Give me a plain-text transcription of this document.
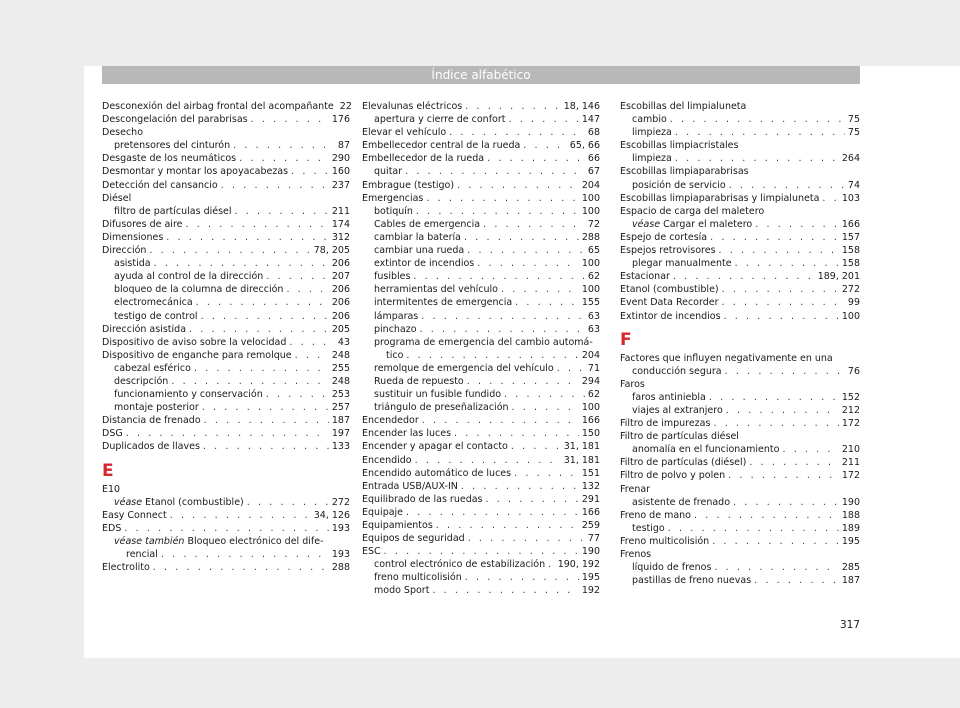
Índice alfabético
Desconexión del airbag frontal del acompañante 22
Descongelación del parabrisas . . .	176
Desecho
pretensores del cinturón . . .	87
Desgaste de los neumáticos . . .	290
Desmontar y montar los apoyacabezas . . .	160
Detección del cansancio . . .	237
Diésel
filtro de partículas diésel . . .	211
Difusores de aire . . .	174
Dimensiones . . .	312
Dirección . . .	78, 205
asistida . . .	206
ayuda al control de la dirección . . .	207
bloqueo de la columna de dirección . . .	206
electromecánica . . .	206
testigo de control . . .	206
Dirección asistida . . .	205
Dispositivo de aviso sobre la velocidad . . .	43
Dispositivo de enganche para remolque . . .	248
cabezal esférico . . .	255
descripción . . .	248
funcionamiento y conservación . . .	253
montaje posterior . . .	257
Distancia de frenado . . .	187
DSG . . .	197
Duplicados de llaves . . .	133
E
E10
véase Etanol (combustible) . . .	272
Easy Connect . . .	34, 126
EDS . . .	193
véase también Bloqueo electrónico del dife-
rencial . . .	193
Electrolito . . .	288
Elevalunas eléctricos . . .	18, 146
apertura y cierre de confort . . .	147
Elevar el vehículo . . .	68
Embellecedor central de la rueda . . .	65, 66
Embellecedor de la rueda . . .	66
quitar . . .	67
Embrague (testigo) . . .	204
Emergencias . . .	100
botiquín . . .	100
Cables de emergencia . . .	72
cambiar la batería . . .	288
cambiar una rueda . . .	65
extintor de incendios . . .	100
fusibles . . .	62
herramientas del vehículo . . .	100
intermitentes de emergencia . . .	155
lámparas . . .	63
pinchazo . . .	63
programa de emergencia del cambio automá-
tico . . .	204
remolque de emergencia del vehículo . . .	71
Rueda de repuesto . . .	294
sustituir un fusible fundido . . .	62
triángulo de preseñalización . . .	100
Encendedor . . .	166
Encender las luces . . .	150
Encender y apagar el contacto . . .	31, 181
Encendido . . .	31, 181
Encendido automático de luces . . .	151
Entrada USB/AUX-IN . . .	132
Equilibrado de las ruedas . . .	291
Equipaje . . .	166
Equipamientos . . .	259
Equipos de seguridad . . .	77
ESC . . .	190
control electrónico de estabilización . . . 190, 192
freno multicolisión . . .	195
modo Sport . . .	192
Escobillas del limpialuneta
cambio . . .	75
limpieza . . .	75
Escobillas limpiacristales
limpieza . . .	264
Escobillas limpiaparabrisas
posición de servicio . . .	74
Escobillas limpiaparabrisas y limpialuneta . . . 103
Espacio de carga del maletero
véase Cargar el maletero . . .	166
Espejo de cortesía . . .	157
Espejos retrovisores . . .	158
plegar manualmente . . .	158
Estacionar . . .	189, 201
Etanol (combustible) . . .	272
Event Data Recorder . . .	99
Extintor de incendios . . .	100
F
Factores que influyen negativamente en una
conducción segura . . .	76
Faros
faros antiniebla . . .	152
viajes al extranjero . . .	212
Filtro de impurezas . . .	172
Filtro de partículas diésel
anomalía en el funcionamiento . . .	210
Filtro de partículas (diésel) . . .	211
Filtro de polvo y polen . . .	172
Frenar
asistente de frenado . . .	190
Freno de mano . . .	188
testigo . . .	189
Freno multicolisión . . .	195
Frenos
líquido de frenos . . .	285
pastillas de freno nuevas . . .	187
317
